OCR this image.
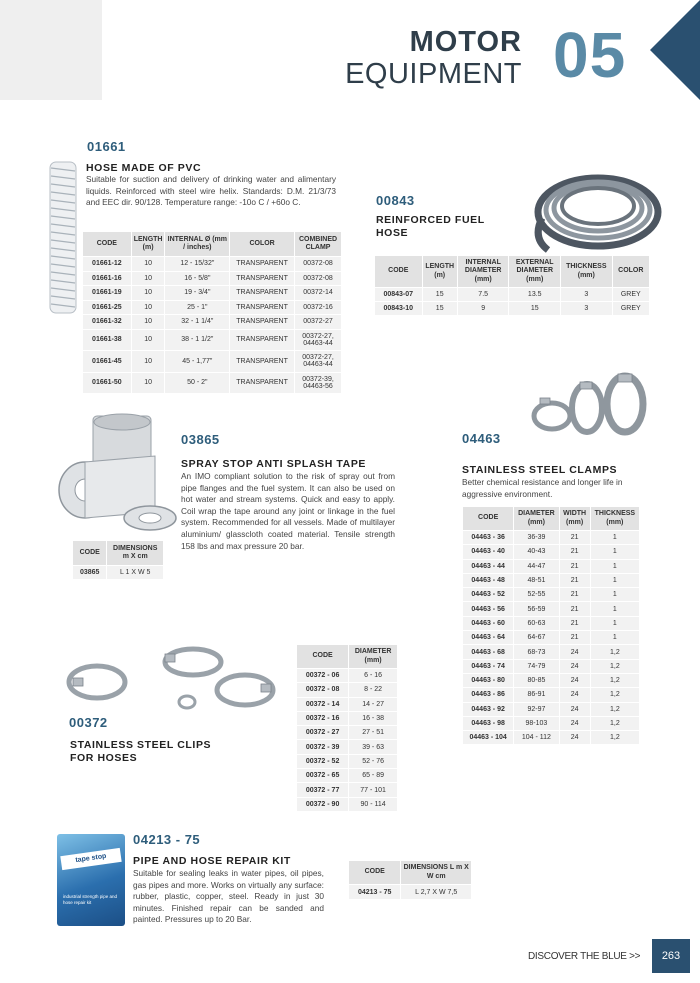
MOTOR
EQUIPMENT 05
01661
HOSE MADE OF PVC
Suitable for suction and delivery of drinking water and alimentary liquids. Reinforced with steel wire helix. Standards: D.M. 21/3/73 and EEC dir. 90/128. Temperature range: -10o C / +60o C.
CODE	LENGTH (m)	INTERNAL Ø (mm / inches)	COLOR	COMBINED CLAMP
01661-12	10	12 - 15/32"	TRANSPARENT	00372-08
01661-16	10	16 - 5/8"	TRANSPARENT	00372-08
01661-19	10	19 - 3/4"	TRANSPARENT	00372-14
01661-25	10	25 - 1"	TRANSPARENT	00372-16
01661-32	10	32 - 1 1/4"	TRANSPARENT	00372-27
01661-38	10	38 - 1 1/2"	TRANSPARENT	00372-27, 04463-44
01661-45	10	45 - 1,77"	TRANSPARENT	00372-27, 04463-44
01661-50	10	50 - 2"	TRANSPARENT	00372-39, 04463-56
00843
REINFORCED FUEL HOSE
CODE	LENGTH (m)	INTERNAL DIAMETER (mm)	EXTERNAL DIAMETER (mm)	THICKNESS (mm)	COLOR
00843-07	15	7.5	13.5	3	GREY
00843-10	15	9	15	3	GREY
03865
SPRAY STOP ANTI SPLASH TAPE
An IMO compliant solution to the risk of spray out from pipe flanges and the fuel system. It can also be used on hot water and stream systems. Quick and easy to apply. Coil wrap the tape around any joint or linkage in the fuel system. Recommended for all vessels. Made of multilayer aluminium/ glasscloth coated material. Tensile strength 158 lbs and max pressure 20 bar.
CODE	DIMENSIONS m X cm
03865	L 1 X W 5
04463
STAINLESS STEEL CLAMPS
Better chemical resistance and longer life in aggressive environment.
CODE	DIAMETER (mm)	WIDTH (mm)	THICKNESS (mm)
04463 - 36	36-39	21	1
04463 - 40	40-43	21	1
04463 - 44	44-47	21	1
04463 - 48	48-51	21	1
04463 - 52	52-55	21	1
04463 - 56	56-59	21	1
04463 - 60	60-63	21	1
04463 - 64	64-67	21	1
04463 - 68	68-73	24	1,2
04463 - 74	74-79	24	1,2
04463 - 80	80-85	24	1,2
04463 - 86	86-91	24	1,2
04463 - 92	92-97	24	1,2
04463 - 98	98-103	24	1,2
04463 - 104	104 - 112	24	1,2
00372
STAINLESS STEEL CLIPS FOR HOSES
CODE	DIAMETER (mm)
00372 - 06	6 - 16
00372 - 08	8 - 22
00372 - 14	14 - 27
00372 - 16	16 - 38
00372 - 27	27 - 51
00372 - 39	39 - 63
00372 - 52	52 - 76
00372 - 65	65 - 89
00372 - 77	77 - 101
00372 - 90	90 - 114
tape stop
industrial strength pipe and hose repair kit
04213 - 75
PIPE AND HOSE REPAIR KIT
Suitable for sealing leaks in water pipes, oil pipes, gas pipes and more. Works on virtually any surface: rubber, plastic, copper, steel. Ready in just 30 minutes. Finished repair can be sanded and painted. Pressures up to 20 Bar.
CODE	DIMENSIONS L m X W cm
04213 - 75	L 2,7 X W 7,5
DISCOVER THE BLUE >>	263
